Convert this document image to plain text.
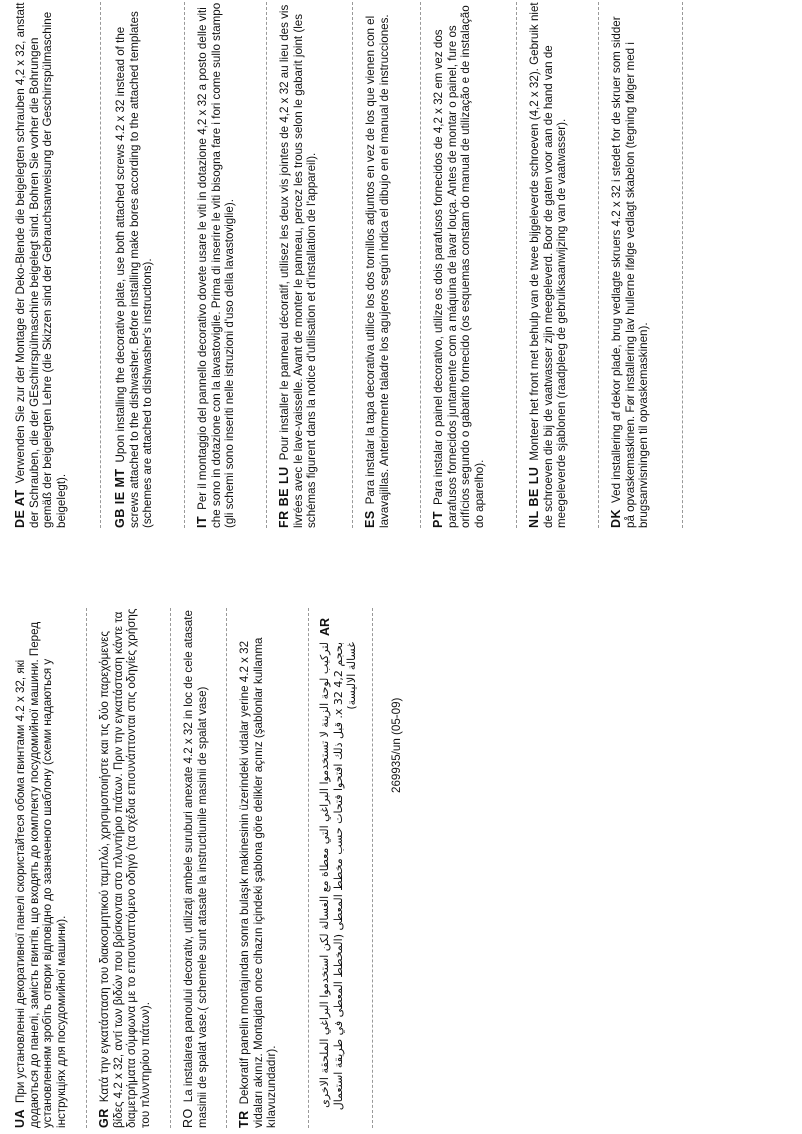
UAПри установленні декоративної панелі скористайтеся обома гвинтами 4.2 х 32, які додаються до панелі, замість гвинтів, що входять до комплекту посудомийної машини. Перед установленням зробіть отвори відповідно до зазначеного шаблону (схеми надаються у інструкціях для посудомийної машини). GRΚατά την εγκατάσταση του διακοσμητικού ταμπλώ, χρησιμοποιήστε και τις δύο παρεχόμενες βίδες 4.2 x 32, αντί των βιδών που βρίσκονται στο πλυντήριο πιάτων. Πριν την εγκατάσταση κάντε τα διαμετρήματα σύμφωνα με το επισυναπτόμενο οδηγό (τα σχέδια επισυνάπτονται στις οδηγίες χρήσης του πλυντηρίου πιάτων). ROLa instalarea panoului decorativ, utilizaţi ambele suruburi anexate 4.2 x 32 in loc de cele atasate masinii de spalat vase.( schemele sunt atasate la instructiunile masinii de spalat vase) TRDekoratif panelin montajından sonra bulaşık makinesinin üzerindeki vidalar yerine 4.2 x 32 vidaları akınız. Montajdan once cihazın içindeki şablona göre delikler açınız (şablonlar kullanma kılavuzundadır).

AR

لتركيب لوحة الزينة لا تستخدموا البراغي التي معطاة مع الغسالة لكن استخدموا البراغي الملحقة الاخرى بحجم 4,2 x 32. قبل ذلك افتحوا فتحات حسب مخطط المعطى (المخطط المعطى في طريقة استعمال غسالة الاليسة)

269935/un (05-09)

DE ATVerwenden Sie zur der Montage der Deko-Blende die beigelegten schrauben 4,2 x 32, anstatt der Schrauben, die der GEschirrspülmaschine beigelegt sind. Bohren Sie vorher die Bohrungen gemäß der beigelegten Lehre (die Skizzen sind der Gebrauchsanweisung der Geschirrspülmaschine beigelegt).	GB IE MTUpon installing the decorative plate, use both attached screws 4.2 x 32 instead of the screws attached to the dishwasher. Before installing make bores according to the attached templates (schemes are attached to dishwasher's instructions).	ITPer il montaggio del pannello decorativo dovete usare le viti in dotazione 4,2 x 32 a posto delle viti che sono in dotazione con la lavastoviglie. Prima di inserire le viti bisogna fare i fori come sullo stampo (gli schemi sono inseriti nelle istruzioni d'uso della lavastoviglie).	FR BE LUPour installer le panneau décoratif, utilisez les deux vis jointes de 4,2 x 32 au lieu des vis livrées avec le lave-vaisselle. Avant de monter le panneau, percez les trous selon le gabarit joint (les schémas figurent dans la notice d'utilisation et d'installation de l'appareil).	ESPara instalar la tapa decorativa utilice los dos tornillos adjuntos en vez de los que vienen con el lavavajillas. Anteriormente taladre los agujeros según indica el dibujo en el manual de instrucciones.	PTPara instalar o painel decorativo, utilize os dois parafusos fornecidos de 4,2 x 32 em vez dos parafusos fornecidos juntamente com a máquina de lavar louça. Antes de montar o painel, fure os orifícios segundo o gabarito fornecido (os esquemas constam do manual de utilização e de instalação do aparelho).	NL BE LUMonteer het front met behulp van de twee bijgeleverde schroeven (4,2 x 32). Gebruik niet de schroeven die bij de vaatwasser zijn meegeleverd. Boor de gaten voor aan de hand van de meegeleverde sjablonen (raadpleeg de gebruiksaanwijzing van de vaatwasser).	DKVed installering af dekor plade, brug vedlagte skruers 4.2 x 32 i stedet for de skruer som sidder på opvaskemaskinen. Før installering lav hullerne ifølge vedlagt skabelon (tegning følger med i brugsanvisningen til opvaskemaskinen).
